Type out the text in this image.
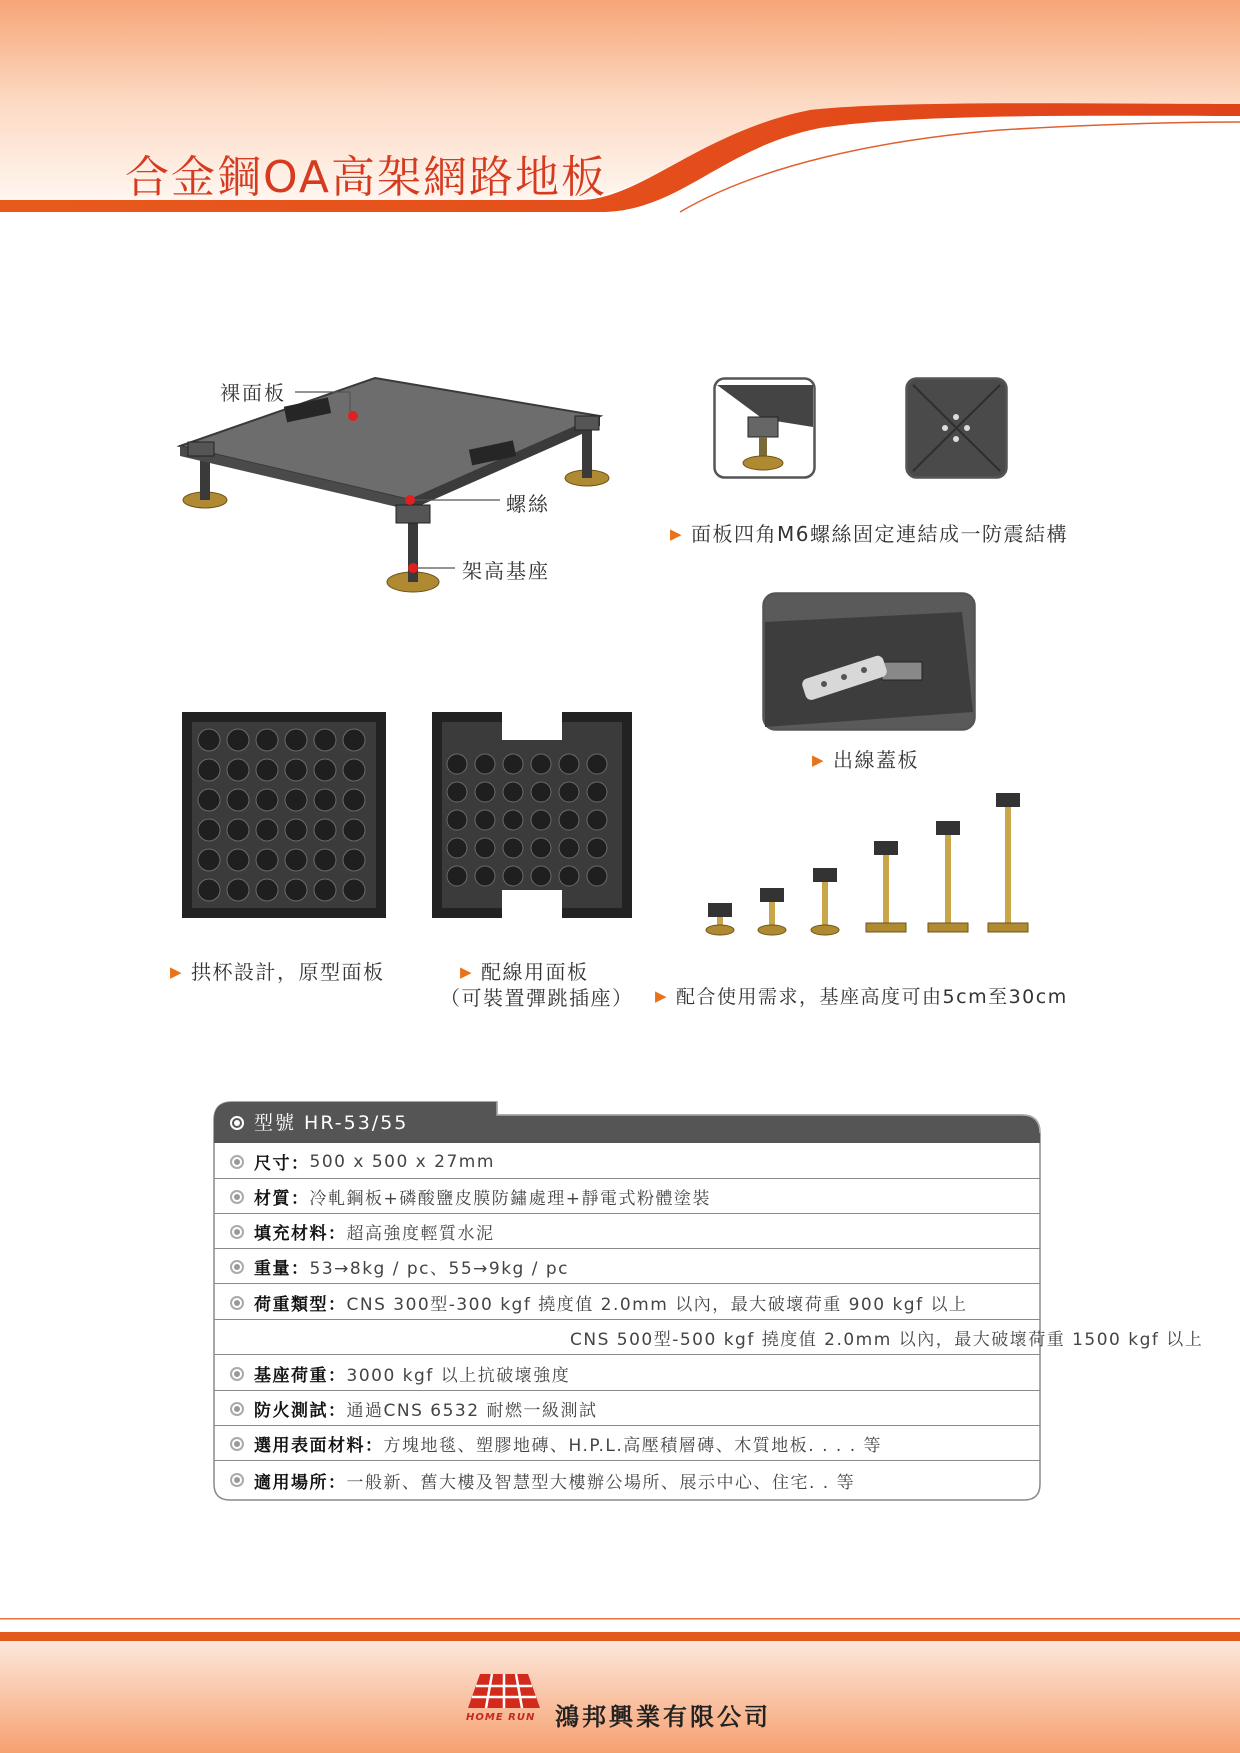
合金鋼OA高架網路地板
裸面板
螺絲
架高基座
▶ 面板四角M6螺絲固定連結成一防震結構
▶ 出線蓋板
▶ 拱杯設計，原型面板	▶ 配線用面板
（可裝置彈跳插座） ▶ 配合使用需求，基座高度可由5cm至30cm
型號 HR-53/55
尺寸： 500 x 500 x 27mm
材質： 冷軋鋼板+磷酸鹽皮膜防鏽處理+靜電式粉體塗裝
填充材料： 超高強度輕質水泥
重量： 53→8kg / pc、55→9kg / pc
荷重類型： CNS 300型-300 kgf 撓度值 2.0mm 以內，最大破壞荷重 900 kgf 以上
CNS 500型-500 kgf 撓度值 2.0mm 以內，最大破壞荷重 1500 kgf 以上
基座荷重： 3000 kgf 以上抗破壞強度
防火測試： 通過CNS 6532 耐燃一級測試
選用表面材料： 方塊地毯、塑膠地磚、H.P.L.高壓積層磚、木質地板. . . . 等
適用場所： 一般新、舊大樓及智慧型大樓辦公場所、展示中心、住宅. . 等
HOME RUN 鴻邦興業有限公司
